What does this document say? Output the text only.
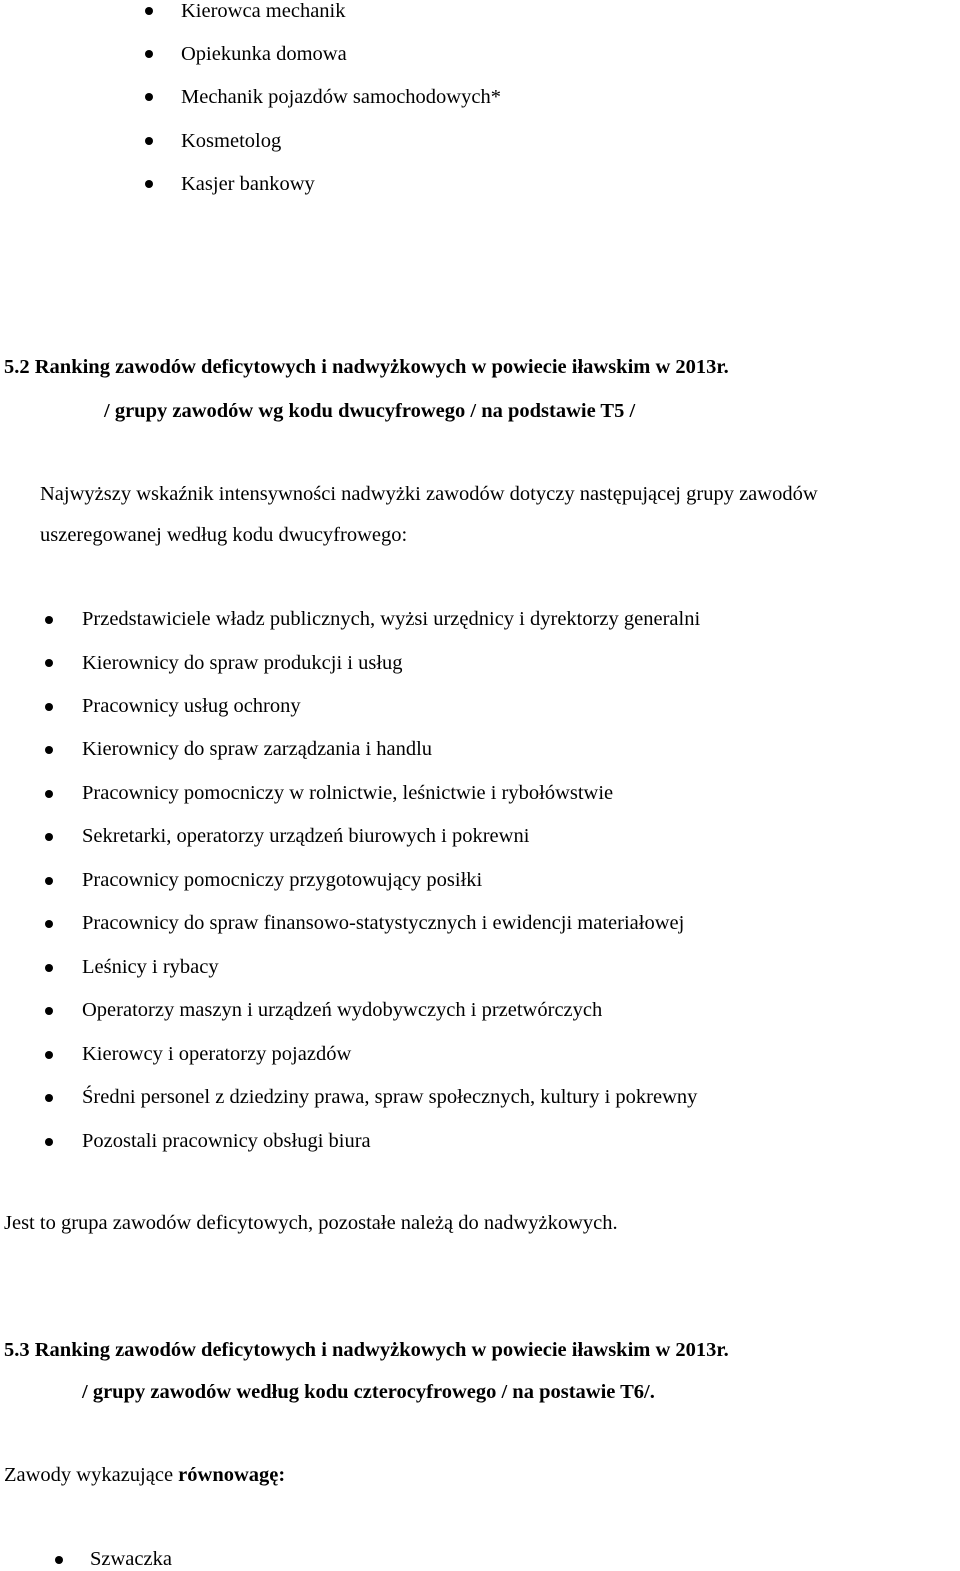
Kierowca mechanik
Opiekunka domowa
Mechanik pojazdów samochodowych*
Kosmetolog
Kasjer bankowy
5.2 Ranking zawodów deficytowych i nadwyżkowych w powiecie iławskim w 2013r.
/ grupy zawodów wg kodu dwucyfrowego / na podstawie T5 /
Najwyższy wskaźnik intensywności nadwyżki zawodów dotyczy następującej grupy zawodów
uszeregowanej według kodu dwucyfrowego:
Przedstawiciele władz publicznych, wyżsi urzędnicy i dyrektorzy generalni
Kierownicy do spraw produkcji i usług
Pracownicy usług ochrony
Kierownicy do spraw zarządzania i handlu
Pracownicy pomocniczy w rolnictwie, leśnictwie i rybołówstwie
Sekretarki, operatorzy urządzeń biurowych i pokrewni
Pracownicy pomocniczy przygotowujący posiłki
Pracownicy do spraw finansowo-statystycznych i ewidencji materiałowej
Leśnicy i rybacy
Operatorzy maszyn i urządzeń wydobywczych i przetwórczych
Kierowcy i operatorzy pojazdów
Średni personel z dziedziny prawa, spraw społecznych, kultury i pokrewny
Pozostali pracownicy obsługi biura
Jest to grupa zawodów deficytowych, pozostałe należą do nadwyżkowych.
5.3 Ranking zawodów deficytowych i nadwyżkowych w powiecie iławskim w 2013r.
/ grupy zawodów według kodu czterocyfrowego / na postawie T6/.
Zawody wykazujące równowagę:
Szwaczka
